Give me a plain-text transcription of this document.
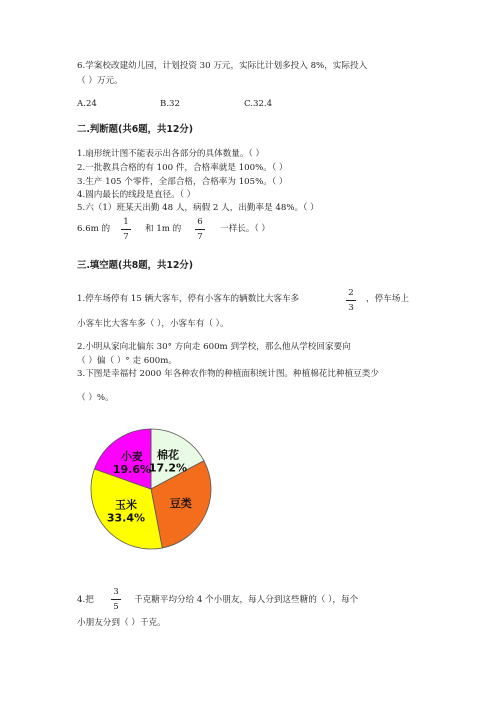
6.学案校改建幼儿园，计划投资 30 万元，实际比计划多投入 8%，实际投入
（ ）万元。
A.24	B.32	C.32.4
二.判断题(共6题，共12分)
1.扇形统计图不能表示出各部分的具体数量。（ ）
2.一批教具合格的有 100 件，合格率就是 100%。（ ）
3.生产 105 个零件，全部合格，合格率为 105%。（ ）
4.圆内最长的线段是直径。（ ）
5.六（1）班某天出勤 48 人，病假 2 人，出勤率是 48%。（ ）
6.6m 的
1
7
和 1m 的
6
7
一样长。（ ）
三.填空题(共8题，共12分)
1.停车场停有 15 辆大客车，停有小客车的辆数比大客车多
2
3
，停车场上
小客车比大客车多（ ），小客车有（ ）。
2.小明从家向北偏东 30° 方向走 600m 到学校，那么他从学校回家要向
（ ）偏（ ）° 走 600m。
3.下图是幸福村 2000 年各种农作物的种植面积统计图。种植棉花比种植豆类少
（ ）%。
棉花
17.2%
豆类
玉米
33.4%
小麦
19.6%
4.把
3
5
千克糖平均分给 4 个小朋友，每人分到这些糖的（ ），每个
小朋友分到（ ）千克。
